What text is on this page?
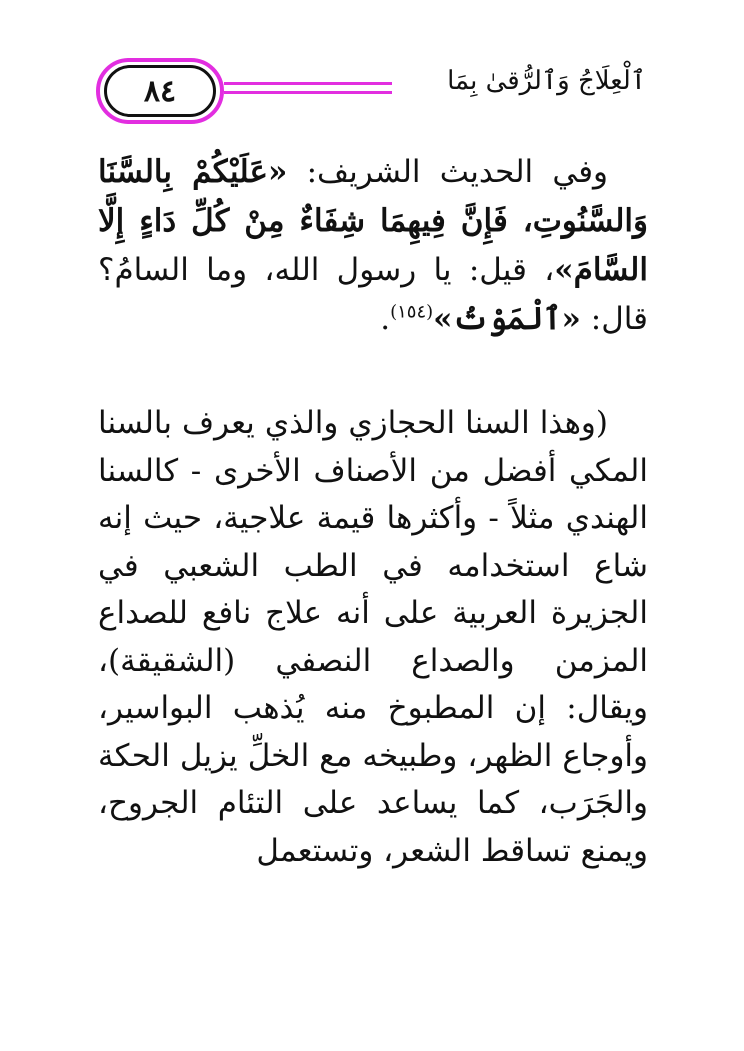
٨٤	ٱلْعِلَاجُ وَٱلرُّقىٰ بِمَا
وفي الحديث الشريف: «عَلَيْكُمْ بِالسَّنَا وَالسَّنُوتِ، فَإِنَّ فِيهِمَا شِفَاءٌ مِنْ كُلِّ دَاءٍ إِلَّا السَّامَ»، قيل: يا رسول الله، وما السامُ؟ قال: «ٱلْمَوْتُ»$^{(١٥٤)}$.
(وهذا السنا الحجازي والذي يعرف بالسنا المكي أفضل من الأصناف الأخرى - كالسنا الهندي مثلاً - وأكثرها قيمة علاجية، حيث إنه شاع استخدامه في الطب الشعبي في الجزيرة العربية على أنه علاج نافع للصداع المزمن والصداع النصفي (الشقيقة)، ويقال: إن المطبوخ منه يُذهب البواسير، وأوجاع الظهر، وطبيخه مع الخلِّ يزيل الحكة والجَرَب، كما يساعد على التئام الجروح، ويمنع تساقط الشعر، وتستعمل
